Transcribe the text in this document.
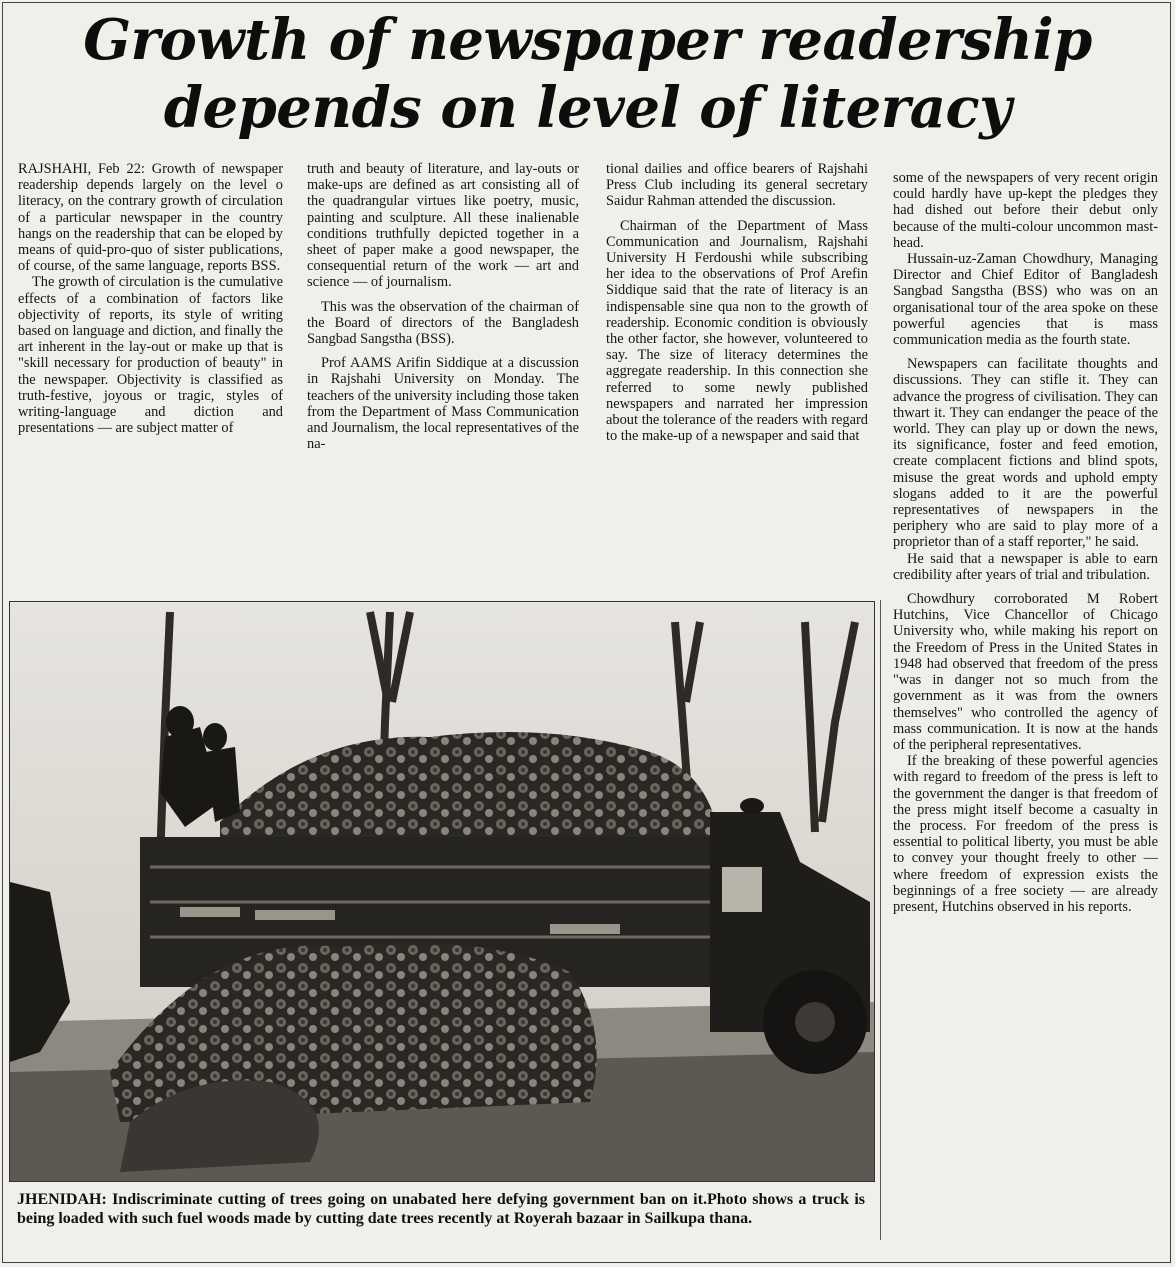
Growth of newspaper readership
depends on level of literacy

RAJSHAHI, Feb 22: Growth of newspaper readership depends largely on the level o literacy, on the contrary growth of circulation of a particular newspaper in the country hangs on the readership that can be eloped by means of quid-pro-quo of sister publications, of course, of the same language, reports BSS.

The growth of circulation is the cumulative effects of a combination of factors like objectivity of reports, its style of writing based on language and diction, and finally the art inherent in the lay-out or make up that is "skill necessary for production of beauty" in the newspaper. Objectivity is classified as truth-festive, joyous or tragic, styles of writing-language and diction and presentations — are subject matter of

truth and beauty of literature, and lay-outs or make-ups are defined as art consisting all of the quadrangular virtues like poetry, music, painting and sculpture. All these inalienable conditions truthfully depicted together in a sheet of paper make a good newspaper, the consequential return of the work — art and science — of journalism.

This was the observation of the chairman of the Board of directors of the Bangladesh Sangbad Sangstha (BSS).

Prof AAMS Arifin Siddique at a discussion in Rajshahi University on Monday. The teachers of the university including those taken from the Department of Mass Communication and Journalism, the local representatives of the na-

tional dailies and office bearers of Rajshahi Press Club including its general secretary Saidur Rahman attended the discussion.

Chairman of the Department of Mass Communication and Journalism, Rajshahi University H Ferdoushi while subscribing her idea to the observations of Prof Arefin Siddique said that the rate of literacy is an indispensable sine qua non to the growth of readership. Economic condition is obviously the other factor, she however, volunteered to say. The size of literacy determines the aggregate readership. In this connection she referred to some newly published newspapers and narrated her impression about the tolerance of the readers with regard to the make-up of a newspaper and said that

some of the newspapers of very recent origin could hardly have up-kept the pledges they had dished out before their debut only because of the multi-colour uncommon mast-head.

Hussain-uz-Zaman Chowdhury, Managing Director and Chief Editor of Bangladesh Sangbad Sangstha (BSS) who was on an organisational tour of the area spoke on these powerful agencies that is mass communication media as the fourth state.

Newspapers can facilitate thoughts and discussions. They can stifle it. They can advance the progress of civilisation. They can thwart it. They can endanger the peace of the world. They can play up or down the news, its significance, foster and feed emotion, create complacent fictions and blind spots, misuse the great words and uphold empty slogans added to it are the powerful representatives of newspapers in the periphery who are said to play more of a proprietor than of a staff reporter," he said.

He said that a newspaper is able to earn credibility after years of trial and tribulation.

Chowdhury corroborated M Robert Hutchins, Vice Chancellor of Chicago University who, while making his report on the Freedom of Press in the United States in 1948 had observed that freedom of the press "was in danger not so much from the government as it was from the owners themselves" who controlled the agency of mass communication. It is now at the hands of the peripheral representatives.

If the breaking of these powerful agencies with regard to freedom of the press is left to the government the danger is that freedom of the press might itself become a casualty in the process. For freedom of the press is essential to political liberty, you must be able to convey your thought freely to other — where freedom of expression exists the beginnings of a free society — are already present, Hutchins observed in his reports.

JHENIDAH: Indiscriminate cutting of trees going on unabated here defying government ban on it.Photo shows a truck is being loaded with such fuel woods made by cutting date trees recently at Royerah bazaar in Sailkupa thana.
